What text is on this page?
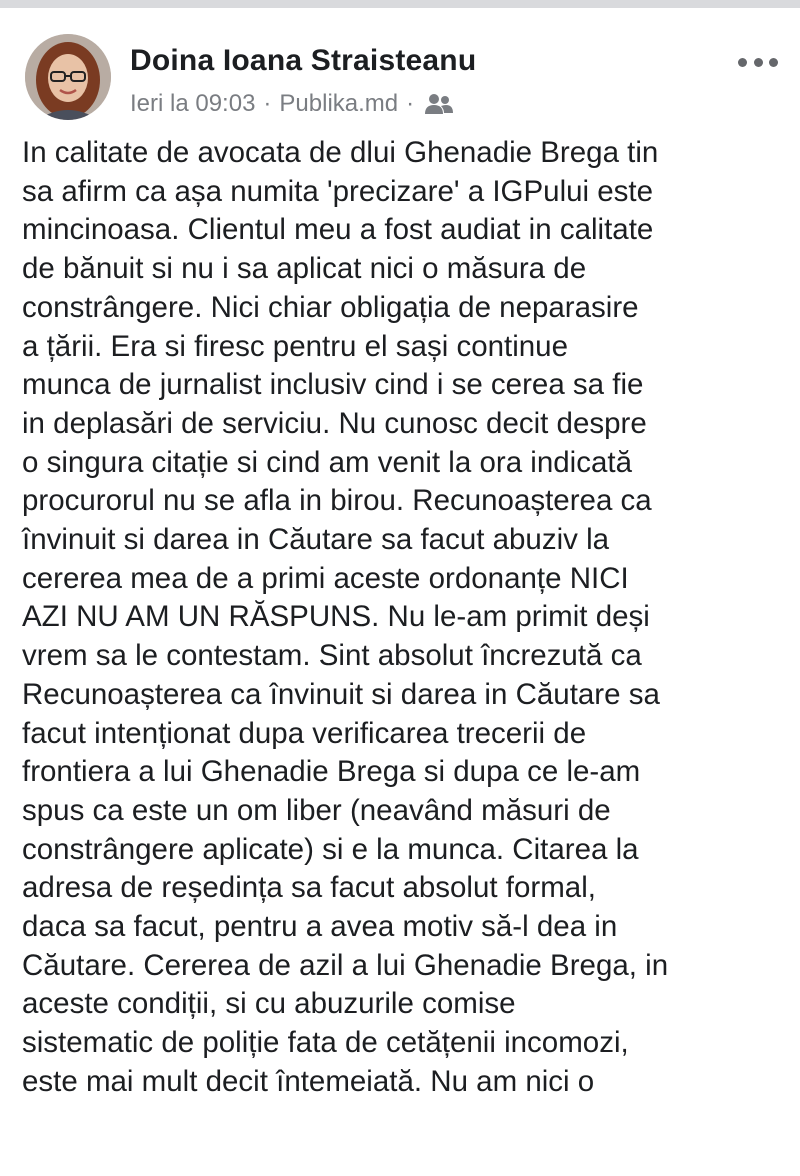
Doina Ioana Straisteanu
Ieri la 09:03 · Publika.md ·
In calitate de avocata de dlui Ghenadie Brega tin
sa afirm ca așa numita 'precizare' a IGPului este
mincinoasa. Clientul meu a fost audiat in calitate
de bănuit si nu i sa aplicat nici o măsura de
constrângere. Nici chiar obligația de neparasire
a țării. Era si firesc pentru el sași continue
munca de jurnalist inclusiv cind i se cerea sa fie
in deplasări de serviciu. Nu cunosc decit despre
o singura citație si cind am venit la ora indicată
procurorul nu se afla in birou. Recunoașterea ca
învinuit si darea in Căutare sa facut abuziv la
cererea mea de a primi aceste ordonanțe NICI
AZI NU AM UN RĂSPUNS. Nu le-am primit deși
vrem sa le contestam. Sint absolut încrezută ca
Recunoașterea ca învinuit si darea in Căutare sa
facut intenționat dupa verificarea trecerii de
frontiera a lui Ghenadie Brega si dupa ce le-am
spus ca este un om liber (neavând măsuri de
constrângere aplicate) si e la munca. Citarea la
adresa de reședința sa facut absolut formal,
daca sa facut, pentru a avea motiv să-l dea in
Căutare. Cererea de azil a lui Ghenadie Brega, in
aceste condiții, si cu abuzurile comise
sistematic de poliție fata de cetățenii incomozi,
este mai mult decit întemeiată. Nu am nici o
